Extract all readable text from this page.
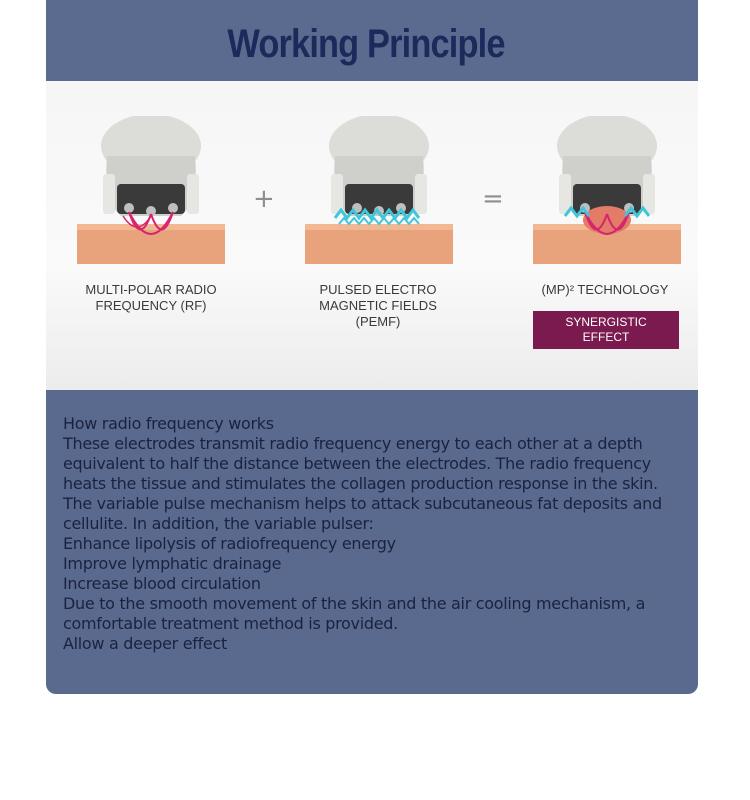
Working Principle
+	=
MULTI-POLAR RADIO
FREQUENCY (RF)
PULSED ELECTRO
MAGNETIC FIELDS
(PEMF)
(MP)² TECHNOLOGY
SYNERGISTIC
EFFECT

How radio frequency works

These electrodes transmit radio frequency energy to each other at a depth

equivalent to half the distance between the electrodes. The radio frequency

heats the tissue and stimulates the collagen production response in the skin.

The variable pulse mechanism helps to attack subcutaneous fat deposits and

cellulite. In addition, the variable pulser:

Enhance lipolysis of radiofrequency energy

Improve lymphatic drainage

Increase blood circulation

Due to the smooth movement of the skin and the air cooling mechanism, a

comfortable treatment method is provided.

Allow a deeper effect
